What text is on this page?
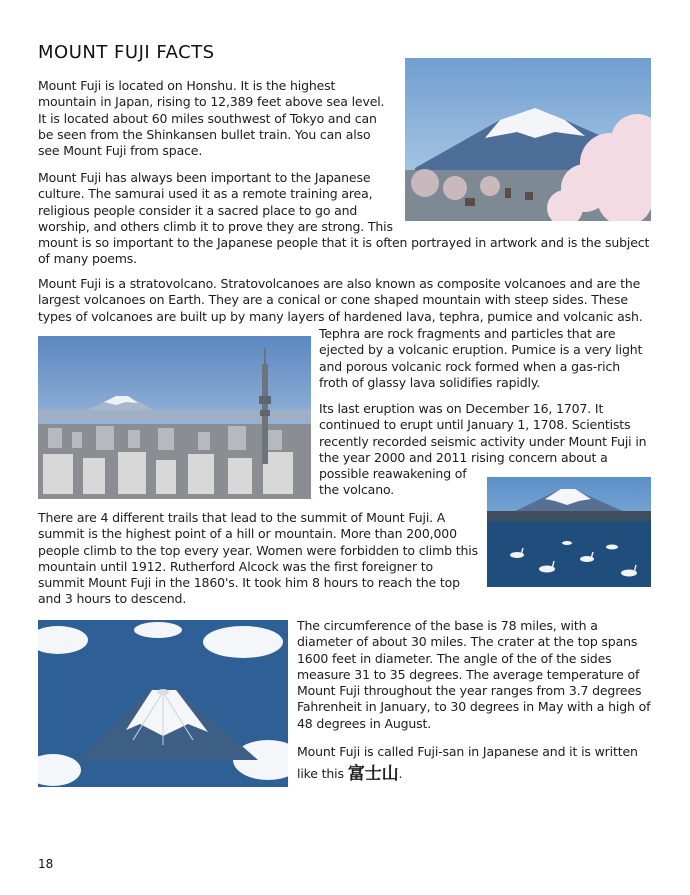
MOUNT FUJI FACTS

Mount Fuji is located on Honshu. It is the highest mountain in Japan, rising to 12,389 feet above sea level. It is located about 60 miles southwest of Tokyo and can be seen from the Shinkansen bullet train. You can also see Mount Fuji from space.

Mount Fuji has always been important to the Japanese culture. The samurai used it as a remote training area, religious people consider it a sacred place to go and worship, and others climb it to prove they are strong. This

mount is so important to the Japanese people that it is often portrayed in artwork and is the subject of many poems.

Mount Fuji is a stratovolcano. Stratovolcanoes are also known as composite volcanoes and are the largest volcanoes on Earth. They are a conical or cone shaped mountain with steep sides. These types of volcanoes are built up by many layers of hardened lava, tephra, pumice and volcanic ash.

Tephra are rock fragments and particles that are ejected by a volcanic eruption. Pumice is a very light and porous volcanic rock formed when a gas-rich froth of glassy lava solidifies rapidly.

Its last eruption was on December 16, 1707. It continued to erupt until January 1, 1708. Scientists recently recorded seismic activity under Mount Fuji in the year 2000 and 2011 rising concern about a

possible reawakening of the volcano.

There are 4 different trails that lead to the summit of Mount Fuji. A summit is the highest point of a hill or mountain. More than 200,000 people climb to the top every year. Women were forbidden to climb this mountain until 1912. Rutherford Alcock was the first foreigner to summit Mount Fuji in the 1860's. It took him 8 hours to reach the top and 3 hours to descend.

The circumference of the base is 78 miles, with a diameter of about 30 miles. The crater at the top spans 1600 feet in diameter. The angle of the of the sides measure 31 to 35 degrees. The average temperature of Mount Fuji throughout the year ranges from 3.7 degrees Fahrenheit in January, to 30 degrees in May with a high of 48 degrees in August.

Mount Fuji is called Fuji-san in Japanese and it is written like this 富士山.

18
